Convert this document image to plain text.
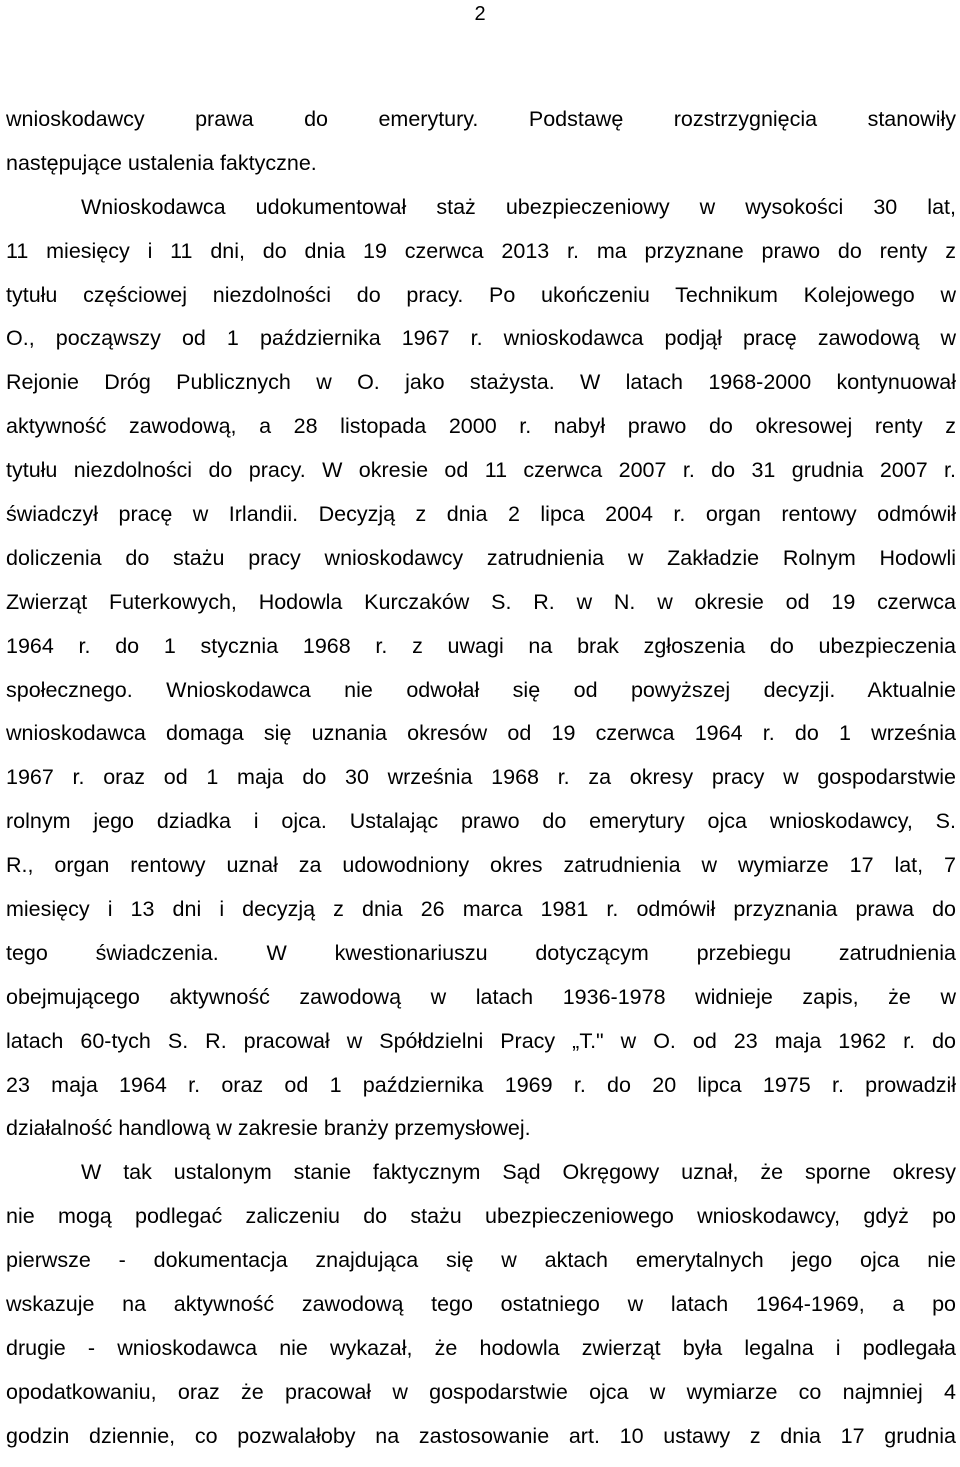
2
wnioskodawcy prawa do emerytury. Podstawę rozstrzygnięcia stanowiły
następujące ustalenia faktyczne.
Wnioskodawca udokumentował staż ubezpieczeniowy w wysokości 30 lat,
11 miesięcy i 11 dni, do dnia 19 czerwca 2013 r. ma przyznane prawo do renty z
tytułu częściowej niezdolności do pracy. Po ukończeniu Technikum Kolejowego w
O., począwszy od 1 października 1967 r. wnioskodawca podjął pracę zawodową w
Rejonie Dróg Publicznych w O. jako stażysta. W latach 1968-2000 kontynuował
aktywność zawodową, a 28 listopada 2000 r. nabył prawo do okresowej renty z
tytułu niezdolności do pracy. W okresie od 11 czerwca 2007 r. do 31 grudnia 2007 r.
świadczył pracę w Irlandii. Decyzją z dnia 2 lipca 2004 r. organ rentowy odmówił
doliczenia do stażu pracy wnioskodawcy zatrudnienia w Zakładzie Rolnym Hodowli
Zwierząt Futerkowych, Hodowla Kurczaków S. R. w N. w okresie od 19 czerwca
1964 r. do 1 stycznia 1968 r. z uwagi na brak zgłoszenia do ubezpieczenia
społecznego. Wnioskodawca nie odwołał się od powyższej decyzji. Aktualnie
wnioskodawca domaga się uznania okresów od 19 czerwca 1964 r. do 1 września
1967 r. oraz od 1 maja do 30 września 1968 r. za okresy pracy w gospodarstwie
rolnym jego dziadka i ojca. Ustalając prawo do emerytury ojca wnioskodawcy, S.
R., organ rentowy uznał za udowodniony okres zatrudnienia w wymiarze 17 lat, 7
miesięcy i 13 dni i decyzją z dnia 26 marca 1981 r. odmówił przyznania prawa do
tego świadczenia. W kwestionariuszu dotyczącym przebiegu zatrudnienia
obejmującego aktywność zawodową w latach 1936-1978 widnieje zapis, że w
latach 60-tych S. R. pracował w Spółdzielni Pracy „T." w O. od 23 maja 1962 r. do
23 maja 1964 r. oraz od 1 października 1969 r. do 20 lipca 1975 r. prowadził
działalność handlową w zakresie branży przemysłowej.
W tak ustalonym stanie faktycznym Sąd Okręgowy uznał, że sporne okresy
nie mogą podlegać zaliczeniu do stażu ubezpieczeniowego wnioskodawcy, gdyż po
pierwsze - dokumentacja znajdująca się w aktach emerytalnych jego ojca nie
wskazuje na aktywność zawodową tego ostatniego w latach 1964-1969, a po
drugie - wnioskodawca nie wykazał, że hodowla zwierząt była legalna i podlegała
opodatkowaniu, oraz że pracował w gospodarstwie ojca w wymiarze co najmniej 4
godzin dziennie, co pozwalałoby na zastosowanie art. 10 ustawy z dnia 17 grudnia
